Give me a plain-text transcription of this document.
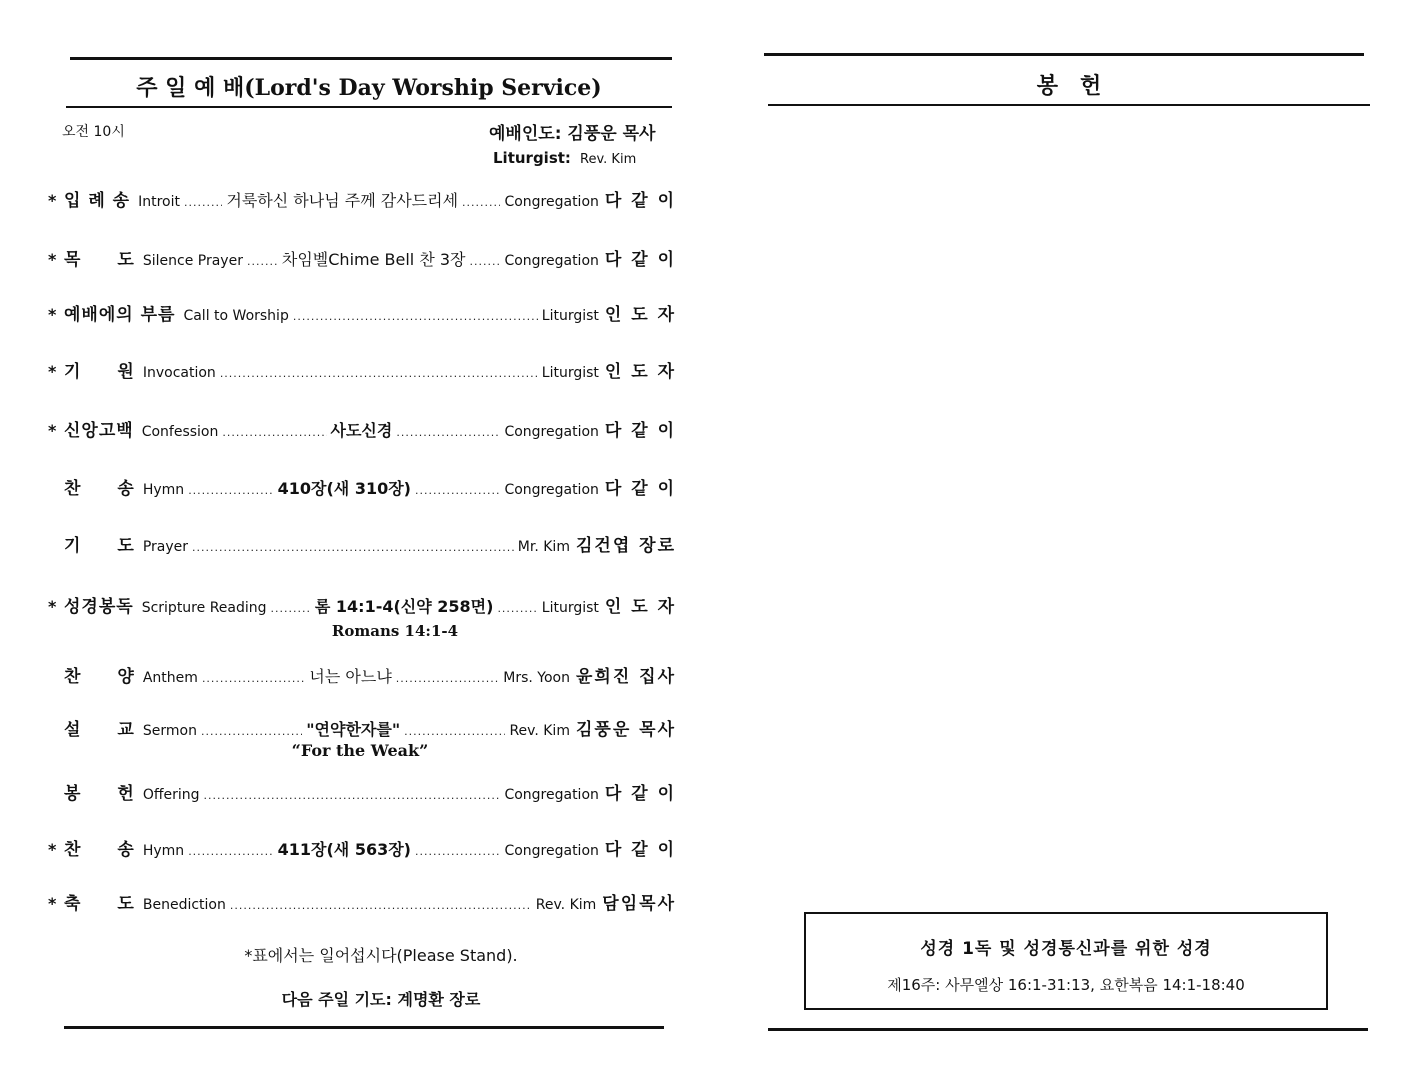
주 일 예 배(Lord's Day Worship Service)
오전 10시	예배인도: 김풍운 목사
Liturgist: Rev. Kim
* 입 례 송 Introit .....	거룩하신 하나님 주께 감사드리세 .....	Congregation 다 같 이
* 목　　도 Silence Prayer ..... 차임벨Chime Bell 찬 3장 .....	Congregation 다 같 이
* 예배에의 부름 Call to Worship .....	Liturgist 인 도 자
* 기　　원 Invocation .....	Liturgist 인 도 자
* 신앙고백 Confession .....	사도신경 .....	Congregation 다 같 이
찬　　송 Hymn .....	410장(새 310장) .....	Congregation 다 같 이
기　　도 Prayer .....	Mr. Kim 김건엽 장로
* 성경봉독 Scripture Reading .....	롬 14:1-4(신약 258면) .....	Liturgist 인 도 자
찬　　양 Anthem .....	너는 아느냐 .....	Mrs. Yoon 윤희진 집사
설　　교 Sermon .....	"연약한자를" .....	Rev. Kim 김풍운 목사
봉　　헌 Offering .....	Congregation 다 같 이
* 찬　　송 Hymn .....	411장(새 563장) .....	Congregation 다 같 이
* 축　　도 Benediction .....	Rev. Kim 담임목사
Romans 14:1-4
“For the Weak”
*표에서는 일어섭시다(Please Stand).
다음 주일 기도: 계명환 장로
봉　헌
성경 1독 및 성경통신과를 위한 성경
제16주: 사무엘상 16:1-31:13, 요한복음 14:1-18:40
